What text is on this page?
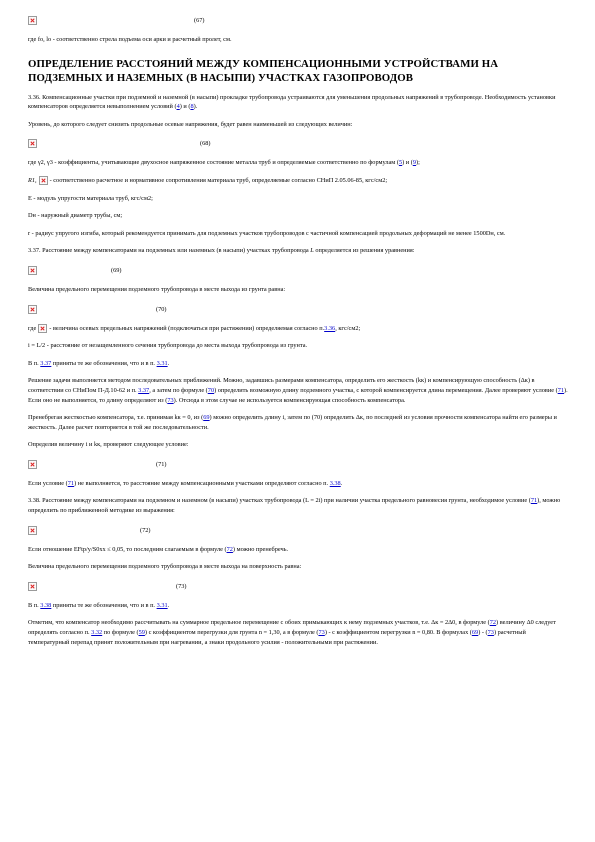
(67)

где fо, lо - соответственно стрела подъема оси арки и расчетный пролет, см.

ОПРЕДЕЛЕНИЕ РАССТОЯНИЙ МЕЖДУ КОМПЕНСАЦИОННЫМИ УСТРОЙСТВАМИ НА ПОДЗЕМНЫХ И НАЗЕМНЫХ (В НАСЫПИ) УЧАСТКАХ ГАЗОПРОВОДОВ

3.36. Компенсационные участки при подземной и наземной (в насыпи) прокладке трубопровода устраиваются для уменьшения продольных напряжений в трубопроводе. Необходимость установки компенсаторов определяется невыполнением условий (4) и (8).

Уровень, до которого следует снизить продольные осевые напряжения, будет равен наименьшей из следующих величин:

(68)

где γ2, γ3 - коэффициенты, учитывающие двухосное напряженное состояние металла труб и определяемые соответственно по формулам (5) и (9);

R1, - соответственно расчетное и нормативное сопротивления материала труб, определяемые согласно СНиП 2.05.06-85, кгс/см2;

Е - модуль упругости материала труб, кгс/см2;

Dн - наружный диаметр трубы, см;

r - радиус упругого изгиба, который рекомендуется принимать для подземных участков трубопроводов с частичной компенсацией продольных деформаций не менее 1500Dн, см.

3.37. Расстояние между компенсаторами на подземных или наземных (в насыпи) участках трубопровода L определяется из решения уравнения:

(69)

Величина предельного перемещения подземного трубопровода в месте выхода из грунта равна:

(70)

где - величина осевых предельных напряжений (подключаться при растяжении) определяемая согласно п. 3.36 , кгс/см2;

i = L/2 - расстояние от незащемленного сечения трубопровода до места выхода трубопровода из грунта.

В п. 3.37 приняты те же обозначения, что и в п. 3.31.

Решение задачи выполняется методом последовательных приближений. Можно, задавшись размерами компенсатора, определить его жесткость (kк) и компенсирующую способность (Δк) в соответствии со СНиПом П-Д.10-62 и п. 3.37, а затем по формуле (70) определить возможную длину подземного участка, с которой компенсируется длина перемещения. Далее проверяют условие (71). Если оно не выполняется, то длину определяют из (73). Отсюда в этом случае не используется компенсирующая способность компенсатора.

Пренебрегая жесткостью компенсатора, т.е. принимая kк = 0, из (69) можно определить длину i, затем по (70) определить Δк, по последней из условия прочности компенсатора найти его размеры и жесткость. Далее расчет повторяется в той же последовательности.

Определив величину i и kк, проверяют следующее условие:

(71)

Если условие (71) не выполняется, то расстояние между компенсационными участками определяют согласно п. 3.38.

3.38. Расстояние между компенсаторами на подземном и наземном (в насыпи) участках трубопровода (L = 2i) при наличии участка предельного равновесия грунта, необходимое условие (71), можно определить по приближенной методике из выражения:

(72)

Если отношение EFtp/y/S0хх ≤ 0,05, то последним слагаемым в формуле (72) можно пренебречь.

Величина предельного перемещения подземного трубопровода в месте выхода на поверхность равна:

(73)

В п. 3.38 приняты те же обозначения, что и в п. 3.31.

Отметим, что компенсатор необходимо рассчитывать на суммарное предельное перемещение с обоих примыкающих к нему подземных участков, т.е. Δк = 2Δ0, в формуле (72) величину Δ0 следует определять согласно п. 3.32 по формуле (59) с коэффициентом перегрузки для грунта n = 1,30, а в формуле (73) - с коэффициентом перегрузки n = 0,80. В формулах (69) - (73) расчетный температурный перепад принят положительным при нагревании, а знаки продольного усилия - положительными при растяжении.
